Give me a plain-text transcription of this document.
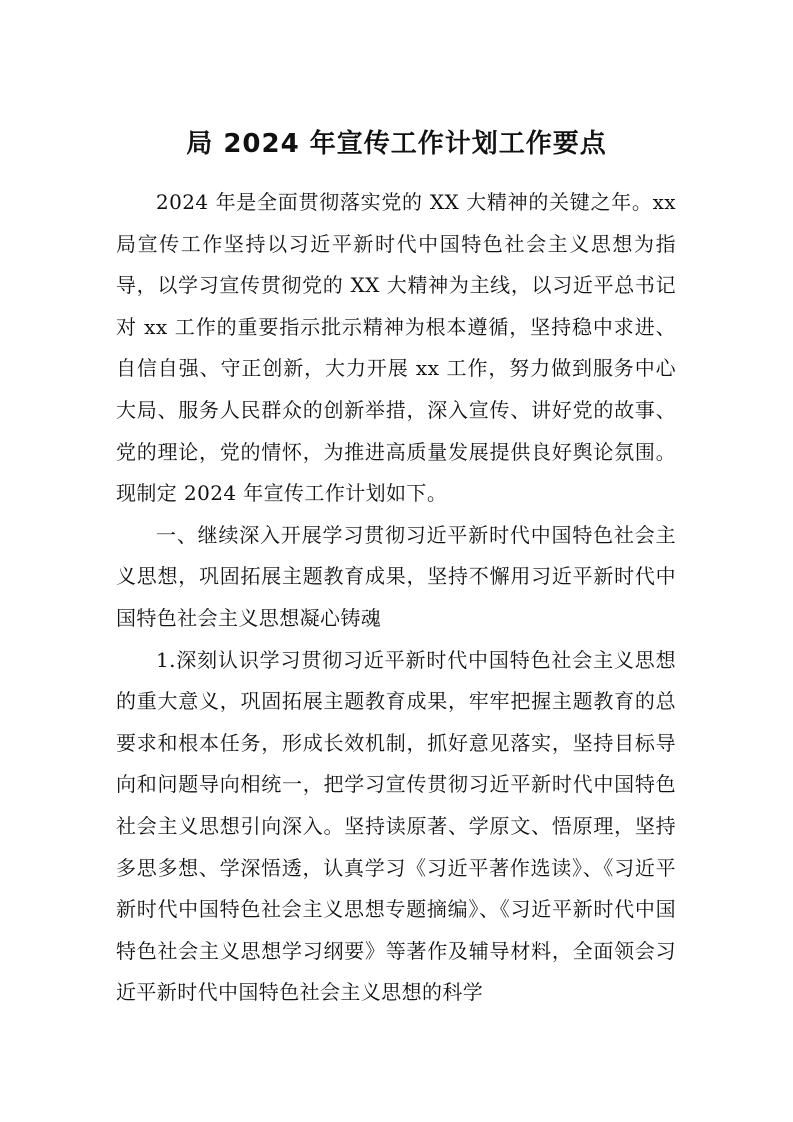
局 2024 年宣传工作计划工作要点

2024 年是全面贯彻落实党的 XX 大精神的关键之年。xx局宣传工作坚持以习近平新时代中国特色社会主义思想为指导，以学习宣传贯彻党的 XX 大精神为主线，以习近平总书记对 xx 工作的重要指示批示精神为根本遵循，坚持稳中求进、自信自强、守正创新，大力开展 xx 工作，努力做到服务中心大局、服务人民群众的创新举措，深入宣传、讲好党的故事、党的理论，党的情怀，为推进高质量发展提供良好舆论氛围。现制定 2024 年宣传工作计划如下。

一、继续深入开展学习贯彻习近平新时代中国特色社会主义思想，巩固拓展主题教育成果，坚持不懈用习近平新时代中国特色社会主义思想凝心铸魂

1.深刻认识学习贯彻习近平新时代中国特色社会主义思想的重大意义，巩固拓展主题教育成果，牢牢把握主题教育的总要求和根本任务，形成长效机制，抓好意见落实，坚持目标导向和问题导向相统一，把学习宣传贯彻习近平新时代中国特色社会主义思想引向深入。坚持读原著、学原文、悟原理，坚持多思多想、学深悟透，认真学习《习近平著作选读》、《习近平新时代中国特色社会主义思想专题摘编》、《习近平新时代中国特色社会主义思想学习纲要》等著作及辅导材料，全面领会习近平新时代中国特色社会主义思想的科学
